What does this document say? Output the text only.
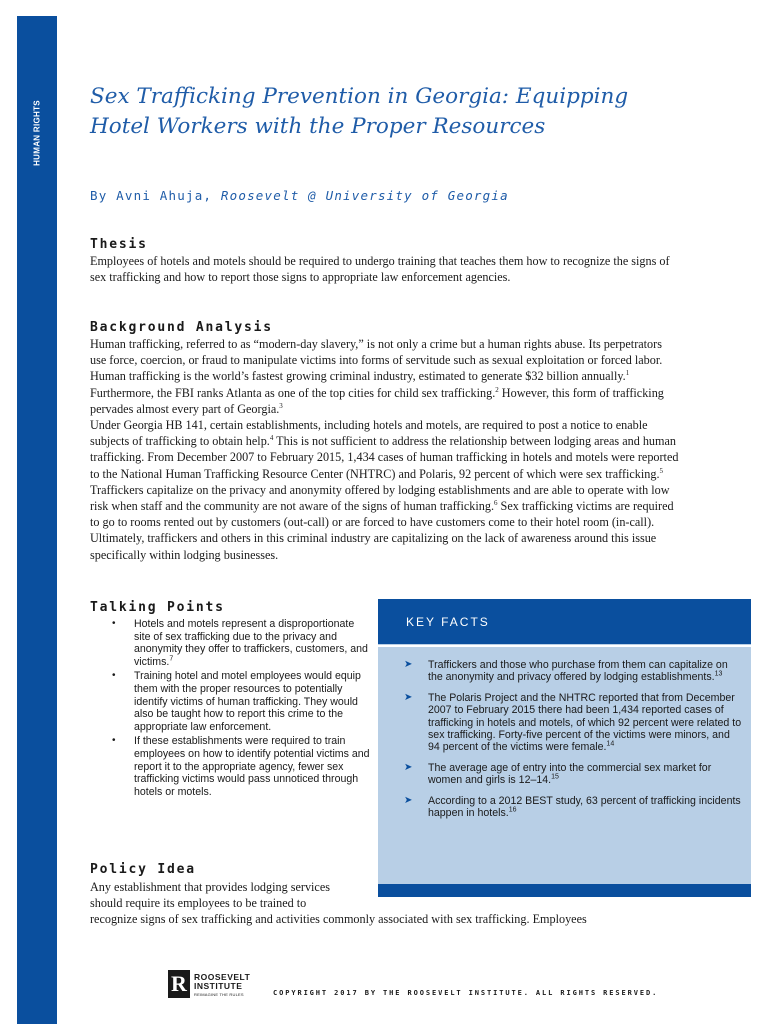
HUMAN RIGHTS
Sex Trafficking Prevention in Georgia: Equipping Hotel Workers with the Proper Resources

By Avni Ahuja, Roosevelt @ University of Georgia

Thesis

Employees of hotels and motels should be required to undergo training that teaches them how to recognize the signs of sex trafficking and how to report those signs to appropriate law enforcement agencies.

Background Analysis

Human trafficking, referred to as “modern-day slavery,” is not only a crime but a human rights abuse. Its perpetrators use force, coercion, or fraud to manipulate victims into forms of servitude such as sexual exploitation or forced labor. Human trafficking is the world’s fastest growing criminal industry, estimated to generate $32 billion annually.$^1$ Furthermore, the FBI ranks Atlanta as one of the top cities for child sex trafficking.$^2$ However, this form of trafficking pervades almost every part of Georgia.$^3$

Under Georgia HB 141, certain establishments, including hotels and motels, are required to post a notice to enable subjects of trafficking to obtain help.$^4$ This is not sufficient to address the relationship between lodging areas and human trafficking. From December 2007 to February 2015, 1,434 cases of human trafficking in hotels and motels were reported to the National Human Trafficking Resource Center (NHTRC) and Polaris, 92 percent of which were sex trafficking.$^5$ Traffickers capitalize on the privacy and anonymity offered by lodging establishments and are able to operate with low risk when staff and the community are not aware of the signs of human trafficking.$^6$ Sex trafficking victims are required to go to rooms rented out by customers (out-call) or are forced to have customers come to their hotel room (in-call). Ultimately, traffickers and others in this criminal industry are capitalizing on the lack of awareness around this issue specifically within lodging businesses.

Talking Points
• Hotels and motels represent a disproportionate site of sex trafficking due to the privacy and anonymity they offer to traffickers, customers, and victims.$^7$
• Training hotel and motel employees would equip them with the proper resources to potentially identify victims of human trafficking. They would also be taught how to report this crime to the appropriate law enforcement.
• If these establishments were required to train employees on how to identify potential victims and report it to the appropriate agency, fewer sex trafficking victims would pass unnoticed through hotels or motels.
KEY FACTS
➤ Traffickers and those who purchase from them can capitalize on the anonymity and privacy offered by lodging establishments.$^{13}$
➤ The Polaris Project and the NHTRC reported that from December 2007 to February 2015 there had been 1,434 reported cases of trafficking in hotels and motels, of which 92 percent were related to sex trafficking. Forty-five percent of the victims were minors, and 94 percent of the victims were female.$^{14}$
➤ The average age of entry into the commercial sex market for women and girls is 12–14.15
➤ According to a 2012 BEST study, 63 percent of trafficking incidents happen in hotels.$^{16}$
Policy Idea

Any establishment that provides lodging services

should require its employees to be trained to

recognize signs of sex trafficking and activities commonly associated with sex trafficking. Employees

R ROOSEVELT
INSTITUTE
REIMAGINE THE RULES	COPYRIGHT 2017 BY THE ROOSEVELT INSTITUTE. ALL RIGHTS RESERVED.
